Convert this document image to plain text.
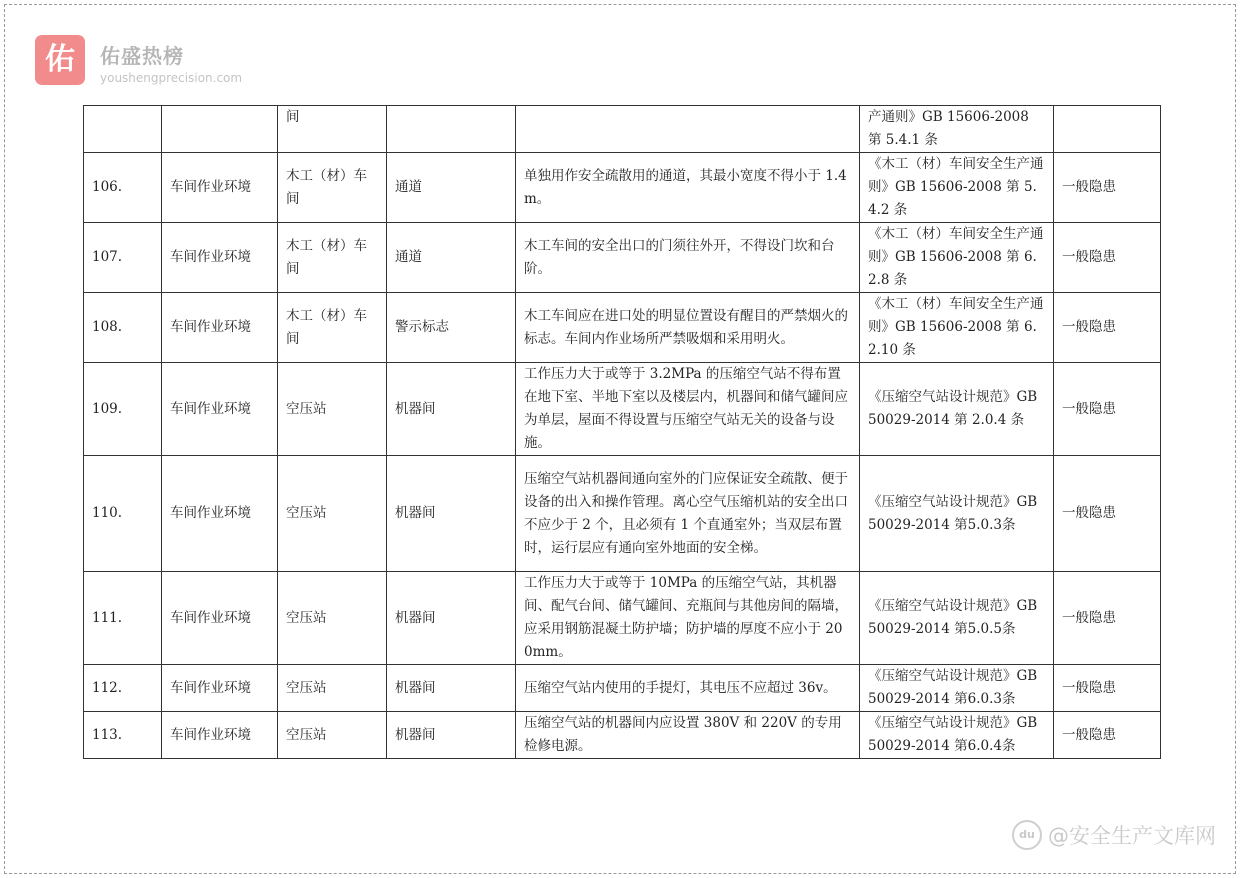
佑	佑盛热榜
youshengprecision.com
		间			产通则》GB 15606-2008 第 5.4.1 条	
106.	车间作业环境	木工（材）车间	通道	单独用作安全疏散用的通道，其最小宽度不得小于 1.4m。	《木工（材）车间安全生产通则》GB 15606-2008 第 5.4.2 条	一般隐患
107.	车间作业环境	木工（材）车间	通道	木工车间的安全出口的门须往外开，不得设门坎和台阶。	《木工（材）车间安全生产通则》GB 15606-2008 第 6.2.8 条	一般隐患
108.	车间作业环境	木工（材）车间	警示标志	木工车间应在进口处的明显位置设有醒目的严禁烟火的标志。车间内作业场所严禁吸烟和采用明火。	《木工（材）车间安全生产通则》GB 15606-2008 第 6.2.10 条	一般隐患
109.	车间作业环境	空压站	机器间	工作压力大于或等于 3.2MPa 的压缩空气站不得布置在地下室、半地下室以及楼层内，机器间和储气罐间应为单层，屋面不得设置与压缩空气站无关的设备与设施。	《压缩空气站设计规范》GB50029-2014 第 2.0.4 条	一般隐患
110.	车间作业环境	空压站	机器间	压缩空气站机器间通向室外的门应保证安全疏散、便于设备的出入和操作管理。离心空气压缩机站的安全出口不应少于 2 个，且必须有 1 个直通室外；当双层布置时，运行层应有通向室外地面的安全梯。	《压缩空气站设计规范》GB 50029-2014 第5.0.3条	一般隐患
111.	车间作业环境	空压站	机器间	工作压力大于或等于 10MPa 的压缩空气站，其机器间、配气台间、储气罐间、充瓶间与其他房间的隔墙，应采用钢筋混凝土防护墙；防护墙的厚度不应小于 200mm。	《压缩空气站设计规范》GB 50029-2014 第5.0.5条	一般隐患
112.	车间作业环境	空压站	机器间	压缩空气站内使用的手提灯，其电压不应超过 36v。	《压缩空气站设计规范》GB 50029-2014 第6.0.3条	一般隐患
113.	车间作业环境	空压站	机器间	压缩空气站的机器间内应设置 380V 和 220V 的专用检修电源。	《压缩空气站设计规范》GB 50029-2014 第6.0.4条	一般隐患
du @安全生产文库网
